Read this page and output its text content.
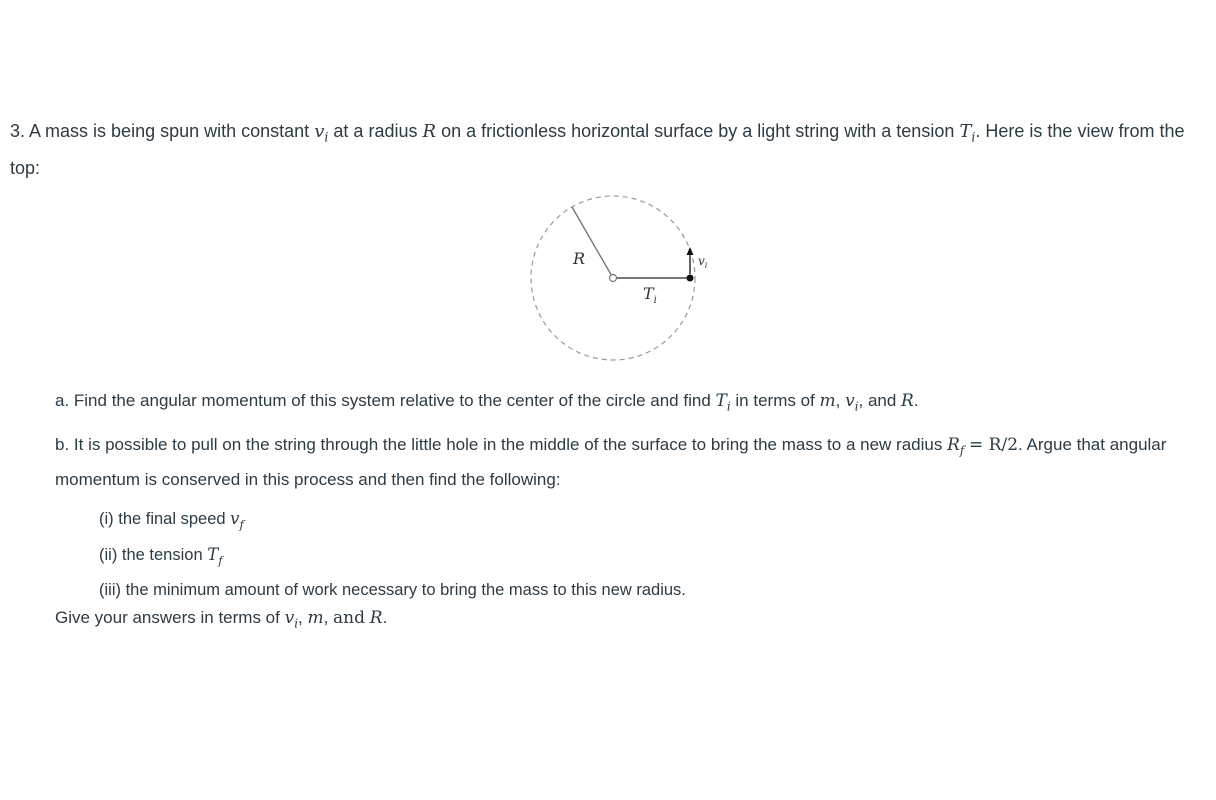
3. A mass is being spun with constant $v_i$ at a radius R on a frictionless horizontal surface by a light string with a tension $T_i$. Here is the view from the top:

R
$T_i$
$v_i$

a. Find the angular momentum of this system relative to the center of the circle and find $T_i$ in terms of m, $v_i$, and R.

b. It is possible to pull on the string through the little hole in the middle of the surface to bring the mass to a new radius $R_f = R/2$. Argue that angular momentum is conserved in this process and then find the following:

(i) the final speed $v_f$
(ii) the tension $T_f$
(iii) the minimum amount of work necessary to bring the mass to this new radius.

Give your answers in terms of $v_i$, m, and R.
